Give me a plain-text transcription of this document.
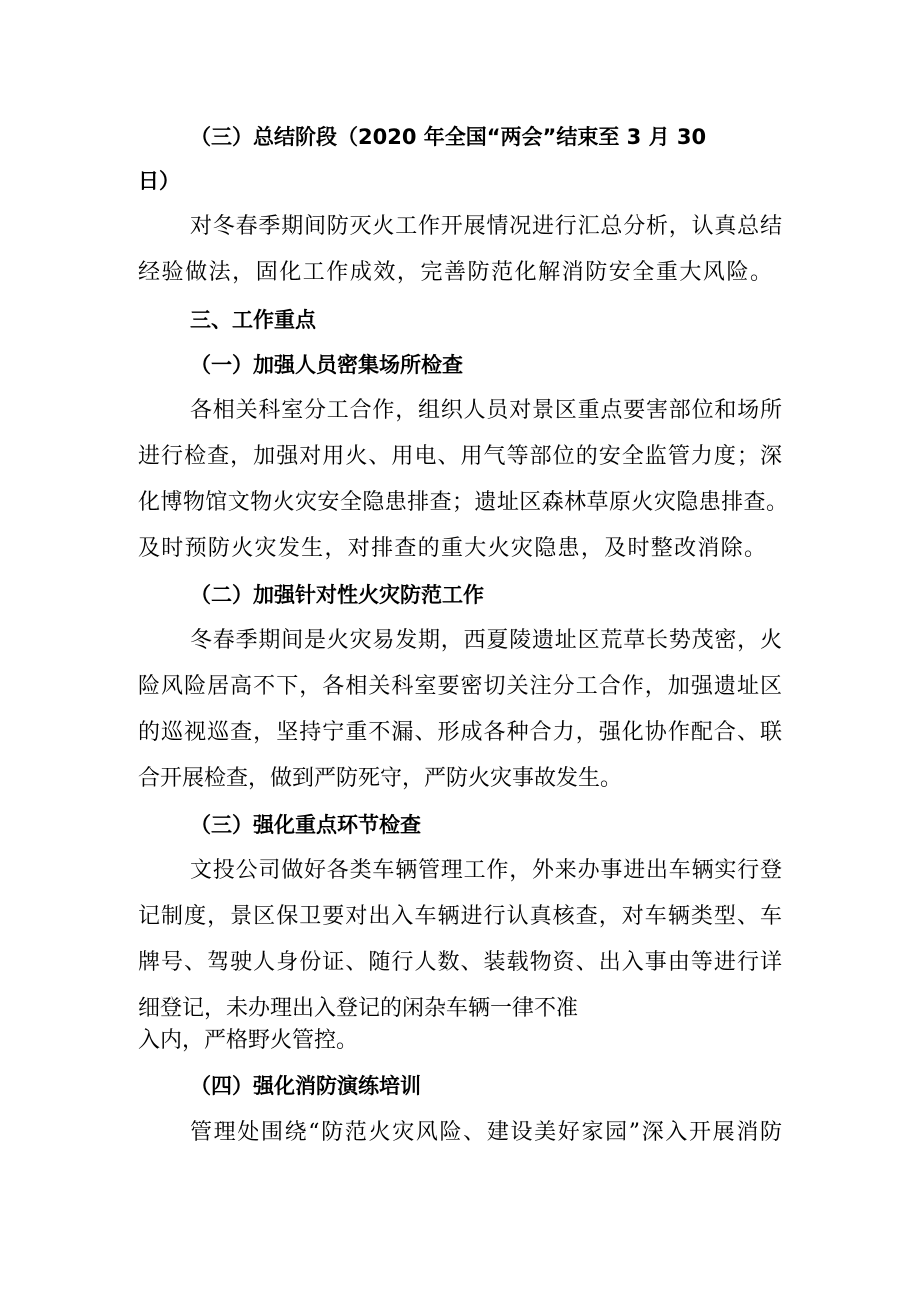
（三）总结阶段（2020 年全国“两会”结束至 3 月 30
日）
对冬春季期间防灭火工作开展情况进行汇总分析，认真总结
经验做法，固化工作成效，完善防范化解消防安全重大风险。
三、工作重点
（一）加强人员密集场所检查
各相关科室分工合作，组织人员对景区重点要害部位和场所
进行检查，加强对用火、用电、用气等部位的安全监管力度；深
化博物馆文物火灾安全隐患排查；遗址区森林草原火灾隐患排查。
及时预防火灾发生，对排查的重大火灾隐患，及时整改消除。
（二）加强针对性火灾防范工作
冬春季期间是火灾易发期，西夏陵遗址区荒草长势茂密，火
险风险居高不下，各相关科室要密切关注分工合作，加强遗址区
的巡视巡查，坚持宁重不漏、形成各种合力，强化协作配合、联
合开展检查，做到严防死守，严防火灾事故发生。
（三）强化重点环节检查
文投公司做好各类车辆管理工作，外来办事进出车辆实行登
记制度，景区保卫要对出入车辆进行认真核查，对车辆类型、车
牌号、驾驶人身份证、随行人数、装载物资、出入事由等进行详
细登记，未办理出入登记的闲杂车辆一律不准
入内，严格野火管控。
（四）强化消防演练培训
管理处围绕“防范火灾风险、建设美好家园”深入开展消防
